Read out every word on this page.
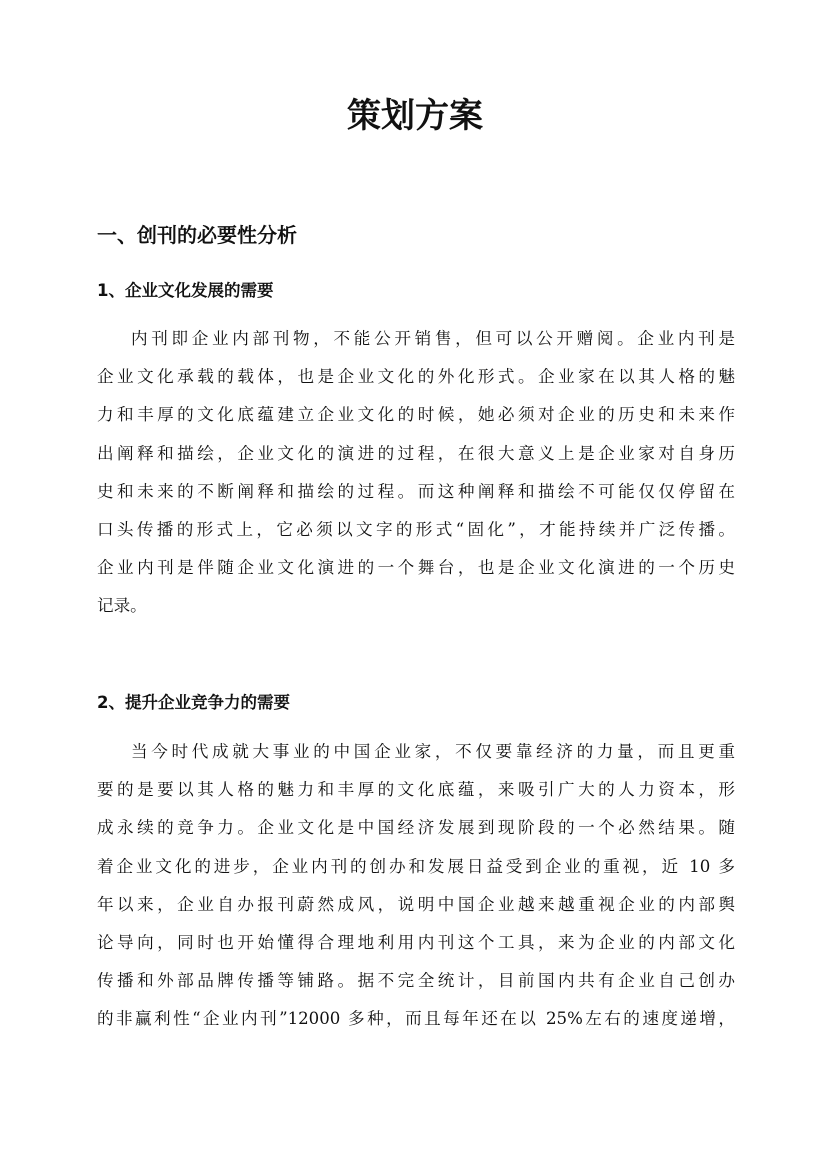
策划方案
一、创刊的必要性分析
1、企业文化发展的需要
内刊即企业内部刊物，不能公开销售，但可以公开赠阅。企业内刊是
企业文化承载的载体，也是企业文化的外化形式。企业家在以其人格的魅
力和丰厚的文化底蕴建立企业文化的时候，她必须对企业的历史和未来作
出阐释和描绘，企业文化的演进的过程，在很大意义上是企业家对自身历
史和未来的不断阐释和描绘的过程。而这种阐释和描绘不可能仅仅停留在
口头传播的形式上，它必须以文字的形式“固化”，才能持续并广泛传播。
企业内刊是伴随企业文化演进的一个舞台，也是企业文化演进的一个历史
记录。
2、提升企业竞争力的需要
当今时代成就大事业的中国企业家，不仅要靠经济的力量，而且更重
要的是要以其人格的魅力和丰厚的文化底蕴，来吸引广大的人力资本，形
成永续的竞争力。企业文化是中国经济发展到现阶段的一个必然结果。随
着企业文化的进步，企业内刊的创办和发展日益受到企业的重视，近 10 多
年以来，企业自办报刊蔚然成风，说明中国企业越来越重视企业的内部舆
论导向，同时也开始懂得合理地利用内刊这个工具，来为企业的内部文化
传播和外部品牌传播等铺路。据不完全统计，目前国内共有企业自己创办
的非赢利性“企业内刊”12000 多种，而且每年还在以 25%左右的速度递增，
